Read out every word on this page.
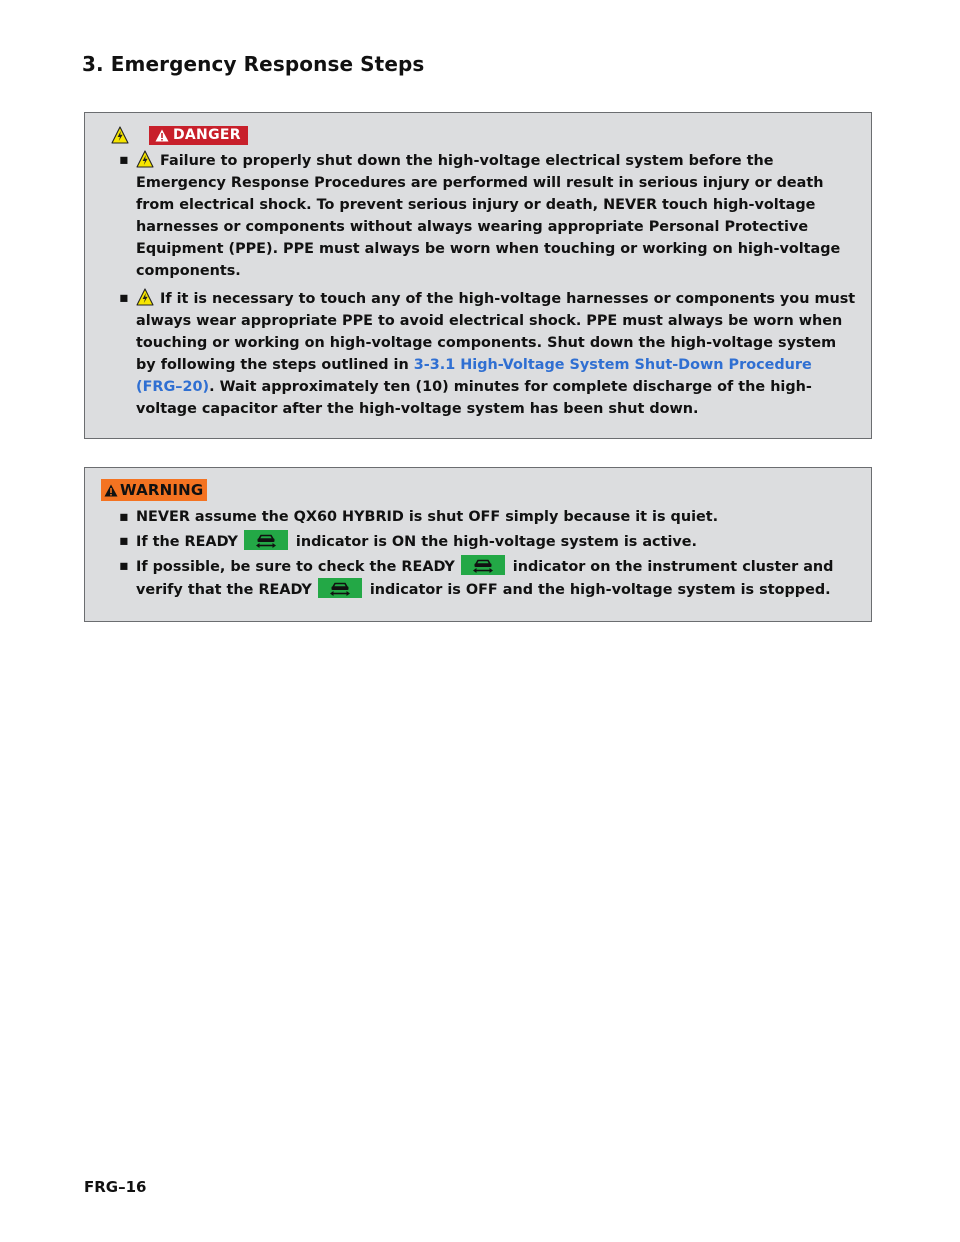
3. Emergency Response Steps
DANGER
▪ Failure to properly shut down the high-voltage electrical system before the Emergency Response Procedures are performed will result in serious injury or death from electrical shock. To prevent serious injury or death, NEVER touch high-voltage harnesses or components without always wearing appropriate Personal Protective Equipment (PPE). PPE must always be worn when touching or working on high-voltage components.
▪ If it is necessary to touch any of the high-voltage harnesses or components you must always wear appropriate PPE to avoid electrical shock. PPE must always be worn when touching or working on high-voltage components. Shut down the high-voltage system by following the steps outlined in 3-3.1 High-Voltage System Shut-Down Procedure (FRG–20). Wait approximately ten (10) minutes for complete discharge of the high-voltage capacitor after the high-voltage system has been shut down.
WARNING
▪ NEVER assume the QX60 HYBRID is shut OFF simply because it is quiet.
▪ If the READY	indicator is ON the high-voltage system is active.
▪ If possible, be sure to check the READY	indicator on the instrument cluster and verify that the READY	indicator is OFF and the high-voltage system is stopped.

FRG–16
